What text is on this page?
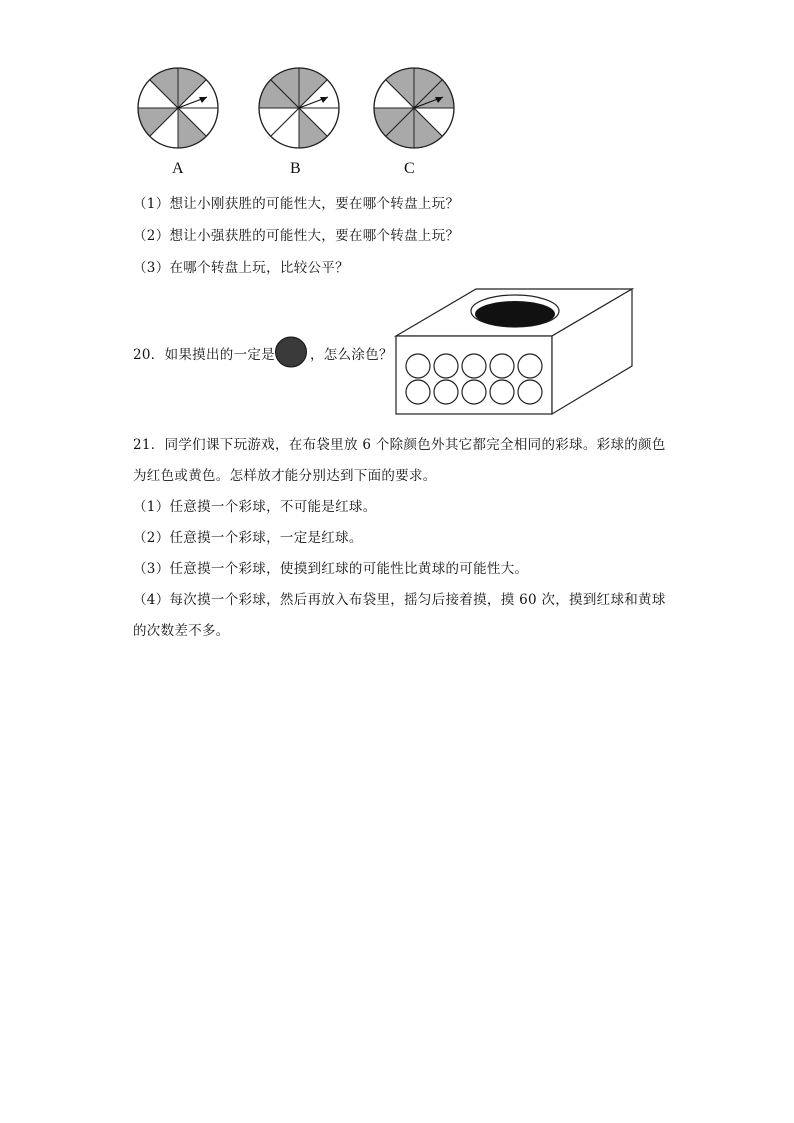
A	B	C
（1）想让小刚获胜的可能性大，要在哪个转盘上玩？
（2）想让小强获胜的可能性大，要在哪个转盘上玩？
（3）在哪个转盘上玩，比较公平？
20．如果摸出的一定是	，怎么涂色？
21．同学们课下玩游戏，在布袋里放 6 个除颜色外其它都完全相同的彩球。彩球的颜色
为红色或黄色。怎样放才能分别达到下面的要求。
（1）任意摸一个彩球，不可能是红球。
（2）任意摸一个彩球，一定是红球。
（3）任意摸一个彩球，使摸到红球的可能性比黄球的可能性大。
（4）每次摸一个彩球，然后再放入布袋里，摇匀后接着摸，摸 60 次，摸到红球和黄球
的次数差不多。
